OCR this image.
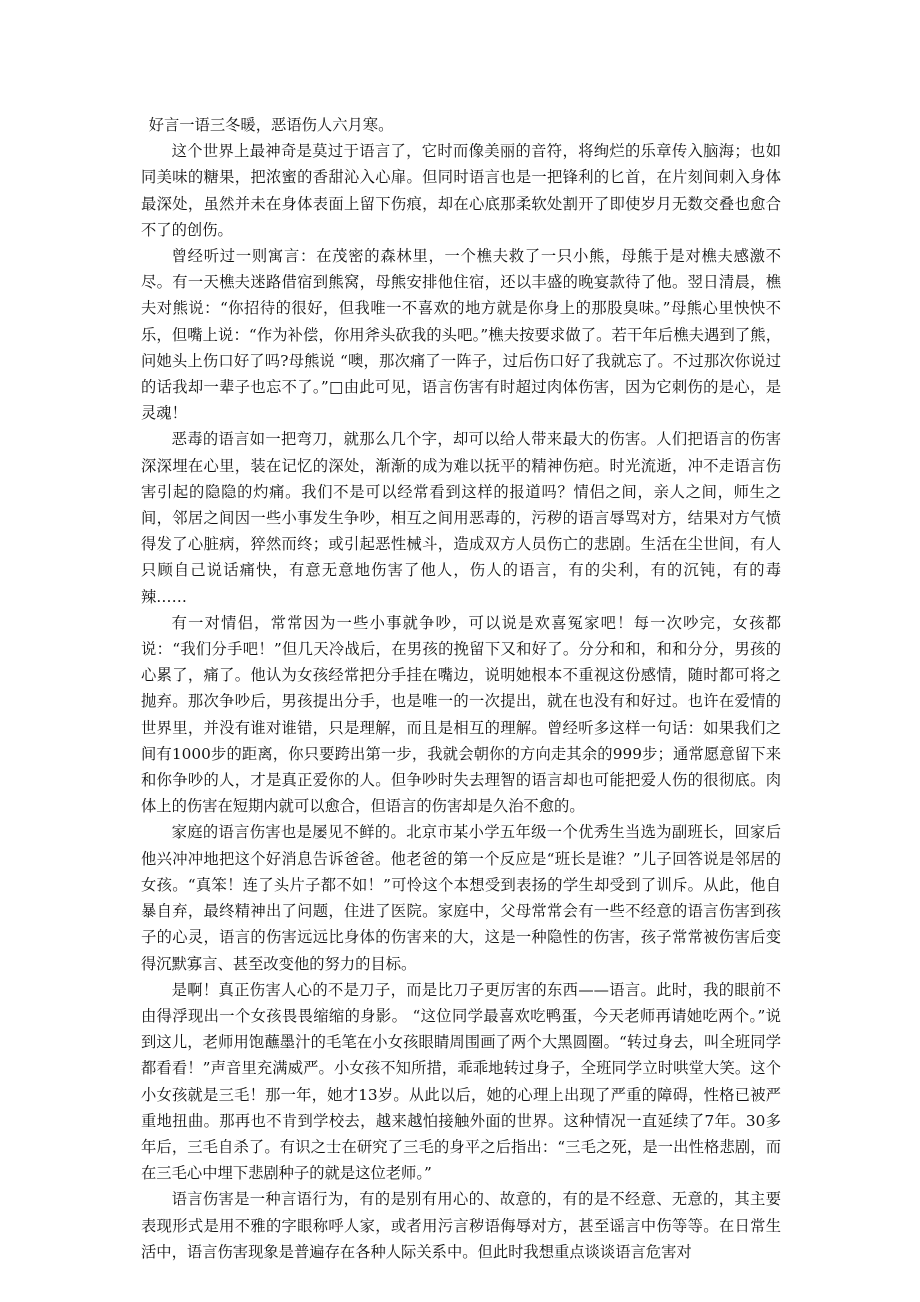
好言一语三冬暖，恶语伤人六月寒。

这个世界上最神奇是莫过于语言了，它时而像美丽的音符，将绚烂的乐章传入脑海；也如同美味的糖果，把浓蜜的香甜沁入心扉。但同时语言也是一把锋利的匕首，在片刻间刺入身体最深处，虽然并未在身体表面上留下伤痕，却在心底那柔软处割开了即使岁月无数交叠也愈合不了的创伤。

曾经听过一则寓言：在茂密的森林里，一个樵夫救了一只小熊，母熊于是对樵夫感激不尽。有一天樵夫迷路借宿到熊窝，母熊安排他住宿，还以丰盛的晚宴款待了他。翌日清晨，樵夫对熊说：“你招待的很好，但我唯一不喜欢的地方就是你身上的那股臭味。”母熊心里怏怏不乐，但嘴上说：“作为补偿，你用斧头砍我的头吧。”樵夫按要求做了。若干年后樵夫遇到了熊，问她头上伤口好了吗?母熊说 “噢，那次痛了一阵子，过后伤口好了我就忘了。不过那次你说过的话我却一辈子也忘不了。”□由此可见，语言伤害有时超过肉体伤害，因为它刺伤的是心，是灵魂！

恶毒的语言如一把弯刀，就那么几个字，却可以给人带来最大的伤害。人们把语言的伤害深深埋在心里，装在记忆的深处，渐渐的成为难以抚平的精神伤疤。时光流逝，冲不走语言伤害引起的隐隐的灼痛。我们不是可以经常看到这样的报道吗？情侣之间，亲人之间，师生之间，邻居之间因一些小事发生争吵，相互之间用恶毒的，污秽的语言辱骂对方，结果对方气愤得发了心脏病，猝然而终；或引起恶性械斗，造成双方人员伤亡的悲剧。生活在尘世间，有人只顾自己说话痛快，有意无意地伤害了他人，伤人的语言，有的尖利，有的沉钝，有的毒辣……

有一对情侣，常常因为一些小事就争吵，可以说是欢喜冤家吧！每一次吵完，女孩都说：“我们分手吧！”但几天冷战后，在男孩的挽留下又和好了。分分和和，和和分分，男孩的心累了，痛了。他认为女孩经常把分手挂在嘴边，说明她根本不重视这份感情，随时都可将之抛弃。那次争吵后，男孩提出分手，也是唯一的一次提出，就在也没有和好过。也许在爱情的世界里，并没有谁对谁错，只是理解，而且是相互的理解。曾经听多这样一句话：如果我们之间有1000步的距离，你只要跨出第一步，我就会朝你的方向走其余的999步；通常愿意留下来和你争吵的人，才是真正爱你的人。但争吵时失去理智的语言却也可能把爱人伤的很彻底。肉体上的伤害在短期内就可以愈合，但语言的伤害却是久治不愈的。

家庭的语言伤害也是屡见不鲜的。北京市某小学五年级一个优秀生当选为副班长，回家后他兴冲冲地把这个好消息告诉爸爸。他老爸的第一个反应是“班长是谁？”儿子回答说是邻居的女孩。“真笨！连了头片子都不如！”可怜这个本想受到表扬的学生却受到了训斥。从此，他自暴自弃，最终精神出了问题，住进了医院。家庭中，父母常常会有一些不经意的语言伤害到孩子的心灵，语言的伤害远远比身体的伤害来的大，这是一种隐性的伤害，孩子常常被伤害后变得沉默寡言、甚至改变他的努力的目标。

是啊！真正伤害人心的不是刀子，而是比刀子更厉害的东西——语言。此时，我的眼前不由得浮现出一个女孩畏畏缩缩的身影。 “这位同学最喜欢吃鸭蛋，今天老师再请她吃两个。”说到这儿，老师用饱蘸墨汁的毛笔在小女孩眼睛周围画了两个大黑圆圈。“转过身去，叫全班同学都看看！”声音里充满威严。小女孩不知所措，乖乖地转过身子，全班同学立时哄堂大笑。这个小女孩就是三毛！那一年，她才13岁。从此以后，她的心理上出现了严重的障碍，性格已被严重地扭曲。那再也不肯到学校去，越来越怕接触外面的世界。这种情况一直延续了7年。30多年后，三毛自杀了。有识之士在研究了三毛的身平之后指出：“三毛之死，是一出性格悲剧，而在三毛心中埋下悲剧种子的就是这位老师。”

语言伤害是一种言语行为，有的是别有用心的、故意的，有的是不经意、无意的，其主要表现形式是用不雅的字眼称呼人家，或者用污言秽语侮辱对方，甚至谣言中伤等等。在日常生活中，语言伤害现象是普遍存在各种人际关系中。但此时我想重点谈谈语言危害对
